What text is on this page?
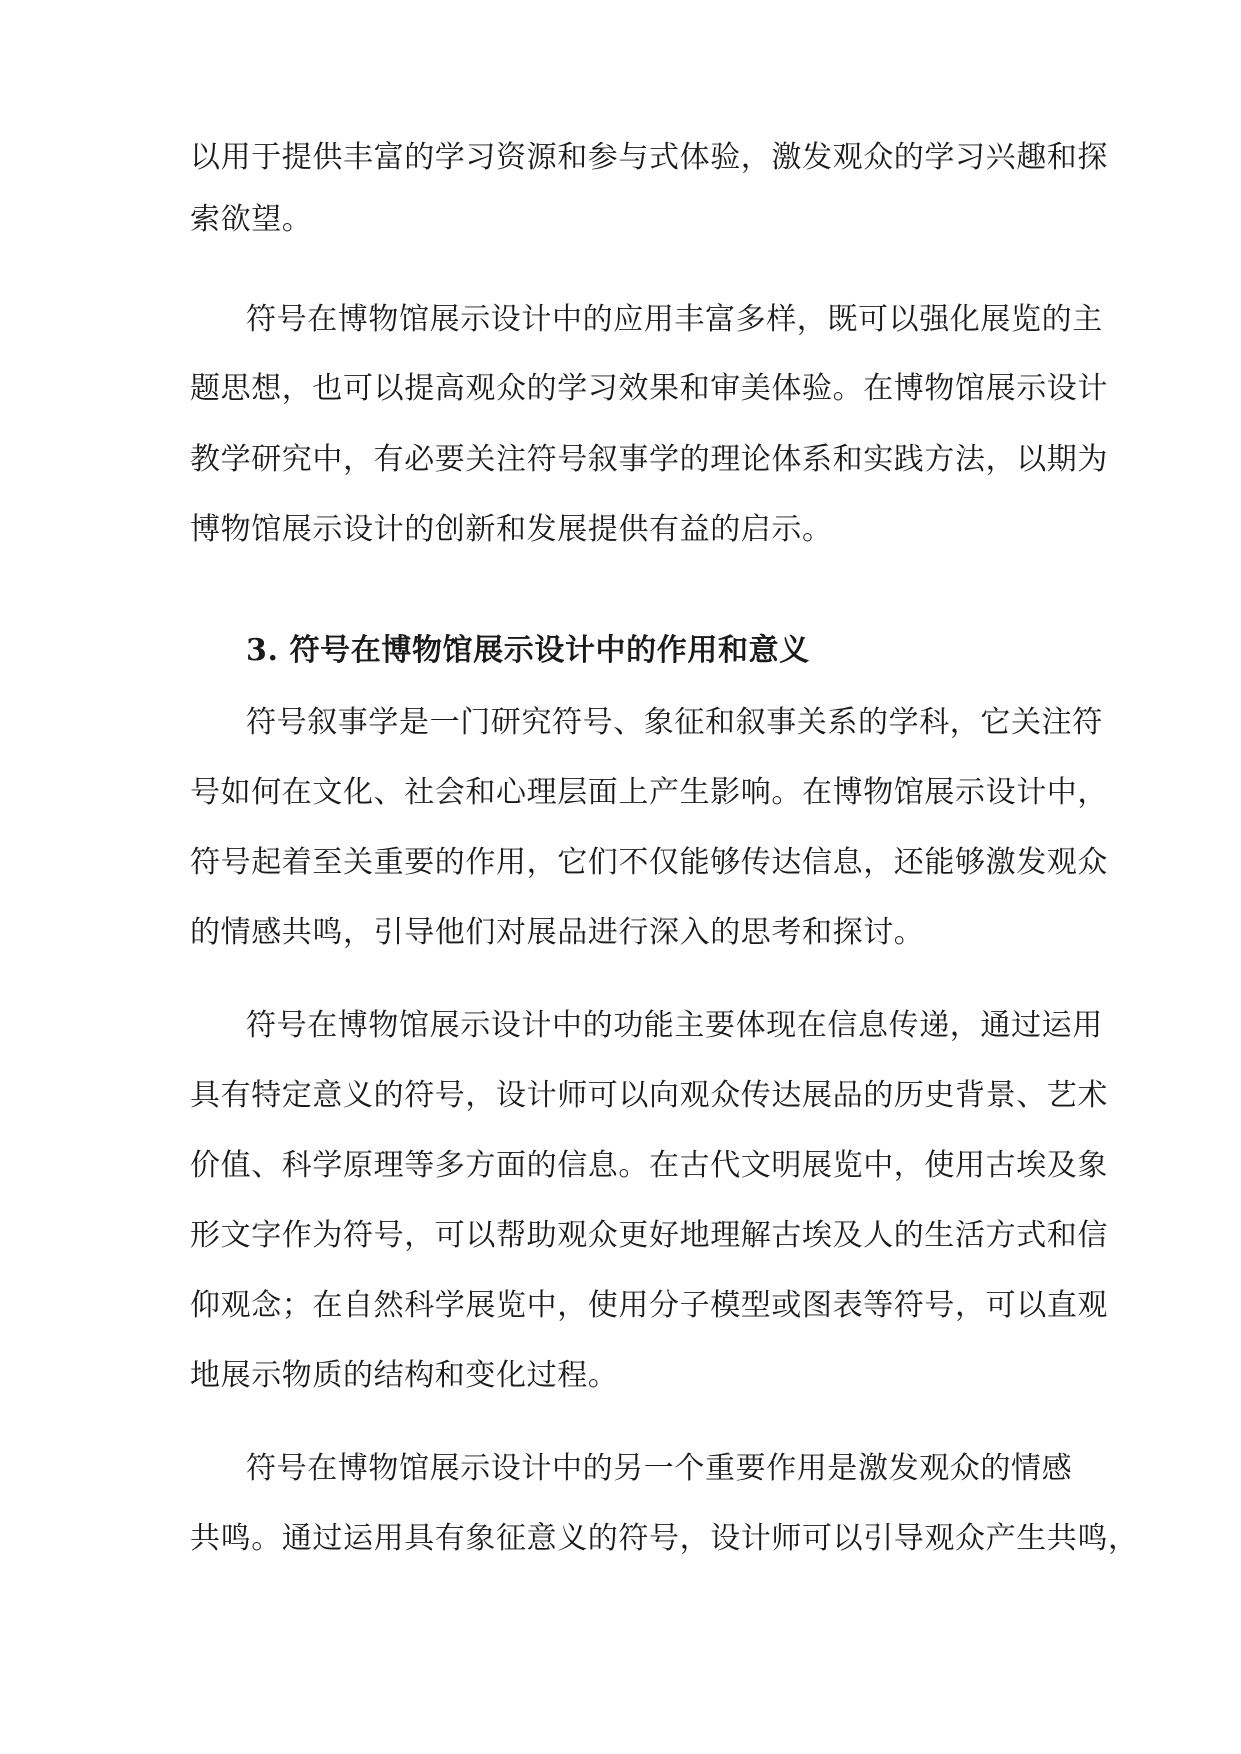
以用于提供丰富的学习资源和参与式体验，激发观众的学习兴趣和探
索欲望。
符号在博物馆展示设计中的应用丰富多样，既可以强化展览的主
题思想，也可以提高观众的学习效果和审美体验。在博物馆展示设计
教学研究中，有必要关注符号叙事学的理论体系和实践方法，以期为
博物馆展示设计的创新和发展提供有益的启示。
3. 符号在博物馆展示设计中的作用和意义
符号叙事学是一门研究符号、象征和叙事关系的学科，它关注符
号如何在文化、社会和心理层面上产生影响。在博物馆展示设计中，
符号起着至关重要的作用，它们不仅能够传达信息，还能够激发观众
的情感共鸣，引导他们对展品进行深入的思考和探讨。
符号在博物馆展示设计中的功能主要体现在信息传递，通过运用
具有特定意义的符号，设计师可以向观众传达展品的历史背景、艺术
价值、科学原理等多方面的信息。在古代文明展览中，使用古埃及象
形文字作为符号，可以帮助观众更好地理解古埃及人的生活方式和信
仰观念；在自然科学展览中，使用分子模型或图表等符号，可以直观
地展示物质的结构和变化过程。
符号在博物馆展示设计中的另一个重要作用是激发观众的情感
共鸣。通过运用具有象征意义的符号，设计师可以引导观众产生共鸣，
